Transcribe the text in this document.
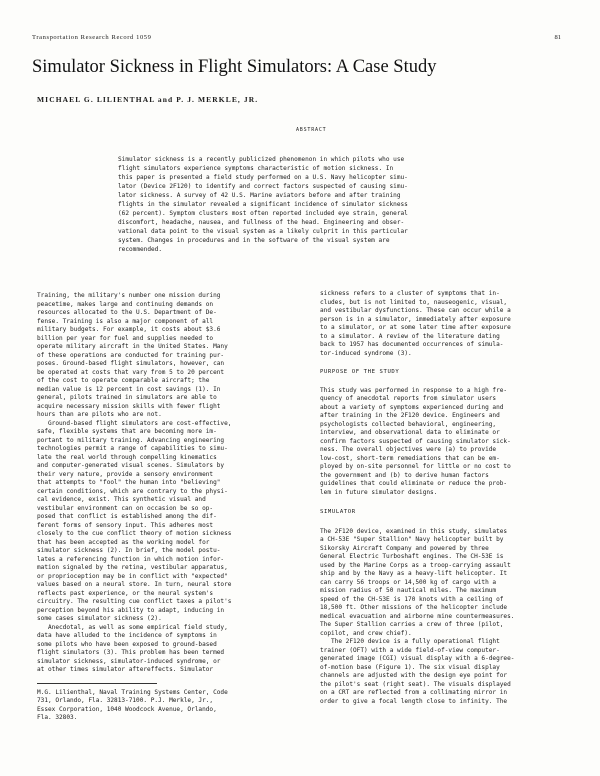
Transportation Research Record 1059	81
Simulator Sickness in Flight Simulators: A Case Study
MICHAEL G. LILIENTHAL and P. J. MERKLE, JR.
ABSTRACT
Simulator sickness is a recently publicized phenomenon in which pilots who use
flight simulators experience symptoms characteristic of motion sickness. In
this paper is presented a field study performed on a U.S. Navy helicopter simu-
lator (Device 2F120) to identify and correct factors suspected of causing simu-
lator sickness. A survey of 42 U.S. Marine aviators before and after training
flights in the simulator revealed a significant incidence of simulator sickness
(62 percent). Symptom clusters most often reported included eye strain, general
discomfort, headache, nausea, and fullness of the head. Engineering and obser-
vational data point to the visual system as a likely culprit in this particular
system. Changes in procedures and in the software of the visual system are
recommended.
Training, the military's number one mission during
peacetime, makes large and continuing demands on
resources allocated to the U.S. Department of De-
fense. Training is also a major component of all
military budgets. For example, it costs about $3.6
billion per year for fuel and supplies needed to
operate military aircraft in the United States. Many
of these operations are conducted for training pur-
poses. Ground-based flight simulators, however, can
be operated at costs that vary from 5 to 20 percent
of the cost to operate comparable aircraft; the
median value is 12 percent in cost savings (1). In
general, pilots trained in simulators are able to
acquire necessary mission skills with fewer flight
hours than are pilots who are not.
Ground-based flight simulators are cost-effective,
safe, flexible systems that are becoming more im-
portant to military training. Advancing engineering
technologies permit a range of capabilities to simu-
late the real world through compelling kinematics
and computer-generated visual scenes. Simulators by
their very nature, provide a sensory environment
that attempts to "fool" the human into "believing"
certain conditions, which are contrary to the physi-
cal evidence, exist. This synthetic visual and
vestibular environment can on occasion be so op-
posed that conflict is established among the dif-
ferent forms of sensory input. This adheres most
closely to the cue conflict theory of motion sickness
that has been accepted as the working model for
simulator sickness (2). In brief, the model postu-
lates a referencing function in which motion infor-
mation signaled by the retina, vestibular apparatus,
or proprioception may be in conflict with "expected"
values based on a neural store. In turn, neural store
reflects past experience, or the neural system's
circuitry. The resulting cue conflict taxes a pilot's
perception beyond his ability to adapt, inducing in
some cases simulator sickness (2).
Anecdotal, as well as some empirical field study,
data have alluded to the incidence of symptoms in
some pilots who have been exposed to ground-based
flight simulators (3). This problem has been termed
simulator sickness, simulator-induced syndrome, or
at other times simulator aftereffects. Simulator
M.G. Lilienthal, Naval Training Systems Center, Code
731, Orlando, Fla. 32813-7100. P.J. Merkle, Jr.,
Essex Corporation, 1040 Woodcock Avenue, Orlando,
Fla. 32803.
sickness refers to a cluster of symptoms that in-
cludes, but is not limited to, nauseogenic, visual,
and vestibular dysfunctions. These can occur while a
person is in a simulator, immediately after exposure
to a simulator, or at some later time after exposure
to a simulator. A review of the literature dating
back to 1957 has documented occurrences of simula-
tor-induced syndrome (3).
PURPOSE OF THE STUDY
This study was performed in response to a high fre-
quency of anecdotal reports from simulator users
about a variety of symptoms experienced during and
after training in the 2F120 device. Engineers and
psychologists collected behavioral, engineering,
interview, and observational data to eliminate or
confirm factors suspected of causing simulator sick-
ness. The overall objectives were (a) to provide
low-cost, short-term remediations that can be em-
ployed by on-site personnel for little or no cost to
the government and (b) to derive human factors
guidelines that could eliminate or reduce the prob-
lem in future simulator designs.
SIMULATOR
The 2F120 device, examined in this study, simulates
a CH-53E "Super Stallion" Navy helicopter built by
Sikorsky Aircraft Company and powered by three
General Electric Turboshaft engines. The CH-53E is
used by the Marine Corps as a troop-carrying assault
ship and by the Navy as a heavy-lift helicopter. It
can carry 56 troops or 14,500 kg of cargo with a
mission radius of 50 nautical miles. The maximum
speed of the CH-53E is 170 knots with a ceiling of
18,500 ft. Other missions of the helicopter include
medical evacuation and airborne mine countermeasures.
The Super Stallion carries a crew of three (pilot,
copilot, and crew chief).
The 2F120 device is a fully operational flight
trainer (OFT) with a wide field-of-view computer-
generated image (CGI) visual display with a 6-degree-
of-motion base (Figure 1). The six visual display
channels are adjusted with the design eye point for
the pilot's seat (right seat). The visuals displayed
on a CRT are reflected from a collimating mirror in
order to give a focal length close to infinity. The
